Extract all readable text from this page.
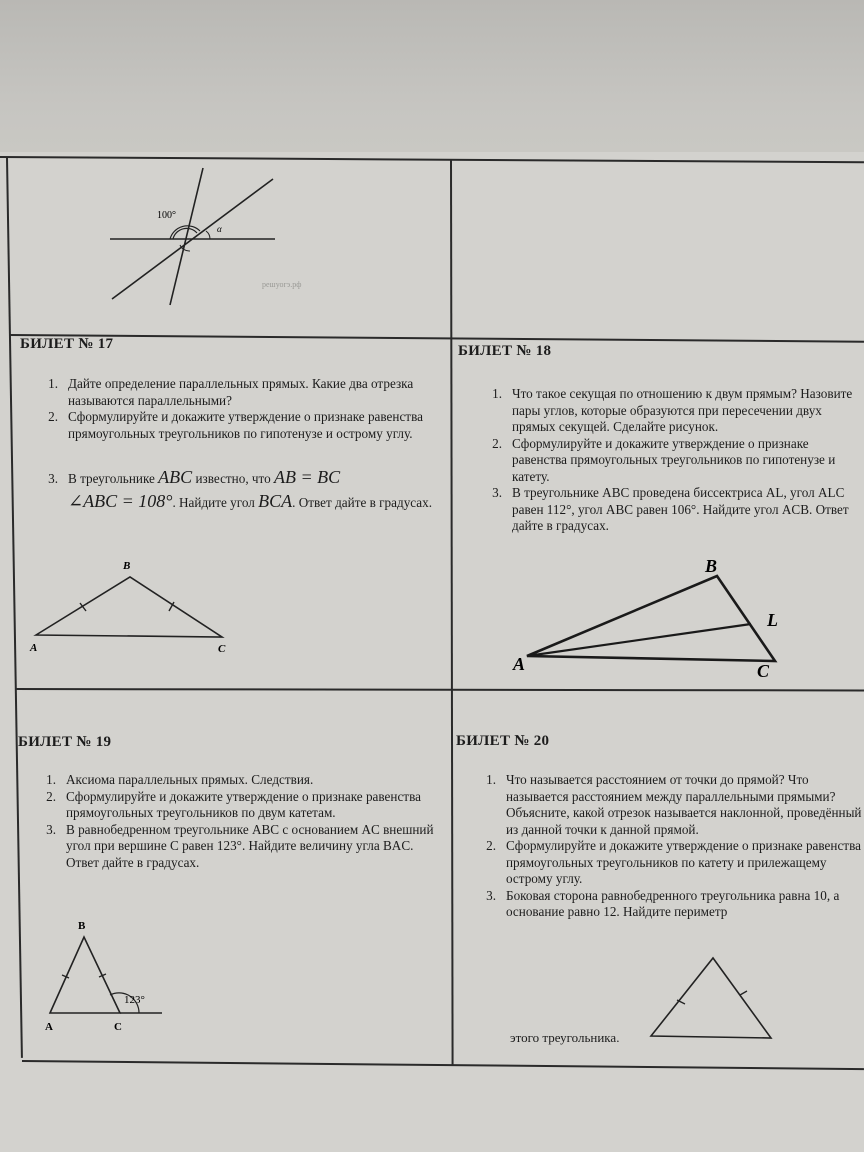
100°
α
решуогэ.рф
БИЛЕТ № 17
1. Дайте определение параллельных прямых. Какие два отрезка называются параллельными?
2. Сформулируйте и докажите утверждение о признаке равенства прямоугольных треугольников по гипотенузе и острому углу.
3. В треугольнике ABC известно, что AB = BC
∠ABC = 108°. Найдите угол BCA. Ответ дайте в градусах.
B
A	C
БИЛЕТ № 18
1. Что такое секущая по отношению к двум прямым? Назовите пары углов, которые образуются при пересечении двух прямых секущей. Сделайте рисунок.
2. Сформулируйте и докажите утверждение о признаке равенства прямоугольных треугольников по гипотенузе и катету.
3. В треугольнике ABC проведена биссектриса AL, угол ALC равен 112°, угол ABC равен 106°. Найдите угол ACB. Ответ дайте в градусах.
B
L
A	C
БИЛЕТ № 19
1. Аксиома параллельных прямых. Следствия.
2. Сформулируйте и докажите утверждение о признаке равенства прямоугольных треугольников по двум катетам.
3. В равнобедренном треугольнике ABC с основанием AC внешний угол при вершине C равен 123°. Найдите величину угла BAC. Ответ дайте в градусах.
B
A	C
123°
БИЛЕТ № 20
1. Что называется расстоянием от точки до прямой? Что называется расстоянием между параллельными прямыми? Объясните, какой отрезок называется наклонной, проведённый из данной точки к данной прямой.
2. Сформулируйте и докажите утверждение о признаке равенства прямоугольных треугольников по катету и прилежащему острому углу.
3. Боковая сторона равнобедренного треугольника равна 10, а основание равно 12. Найдите периметр
этого треугольника.
